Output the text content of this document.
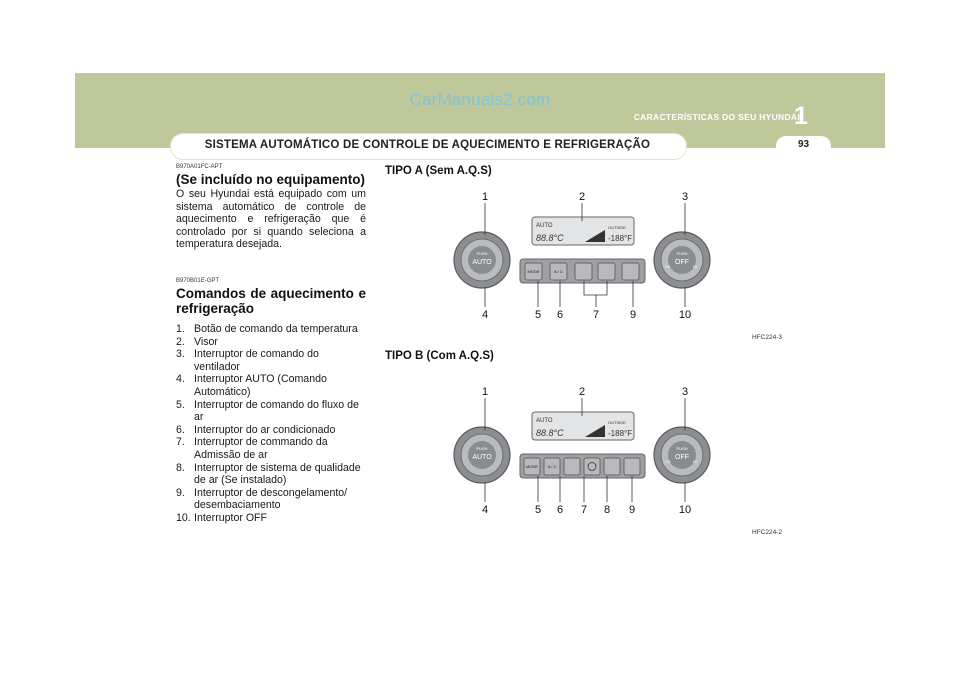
CarManuals2.com
CARACTERÍSTICAS DO SEU HYUNDAI
1
SISTEMA AUTOMÁTICO DE CONTROLE DE AQUECIMENTO E REFRIGERAÇÃO	93
B970A01FC-APT
(Se incluído no equipamento)
O seu Hyundai está equipado com um sistema automático de controle de aquecimento e refrigeração que é controlado por si quando seleciona a temperatura desejada.
B970B01E-GPT
Comandos de aquecimento e refrigeração
1. Botão de comando da temperatura
2. Visor
3. Interruptor de comando do ventilador
4. Interruptor AUTO (Comando Automático)
5. Interruptor de comando do fluxo de ar
6. Interruptor do ar condicionado
7. Interruptor de commando da Admissão de ar
8. Interruptor de sistema de qualidade de ar (Se instalado)
9. Interruptor de descongelamento/ desembaciamento
10. Interruptor OFF
TIPO A (Sem A.Q.S)
HFC224-3
PUSH
AUTO
AUTO
88.8°C
OUTSIDE
-188°F
MODE	A / C
PUSH
OFF
LO	HI
1	2	3
4	5 6	7	9	10
TIPO B (Com A.Q.S)
HFC224-2
PUSH
AUTO
AUTO
88.8°C
OUTSIDE
-188°F
MODE A / C
PUSH
OFF
LO	HI
1	2	3
4	5 6 7 8 9	10
